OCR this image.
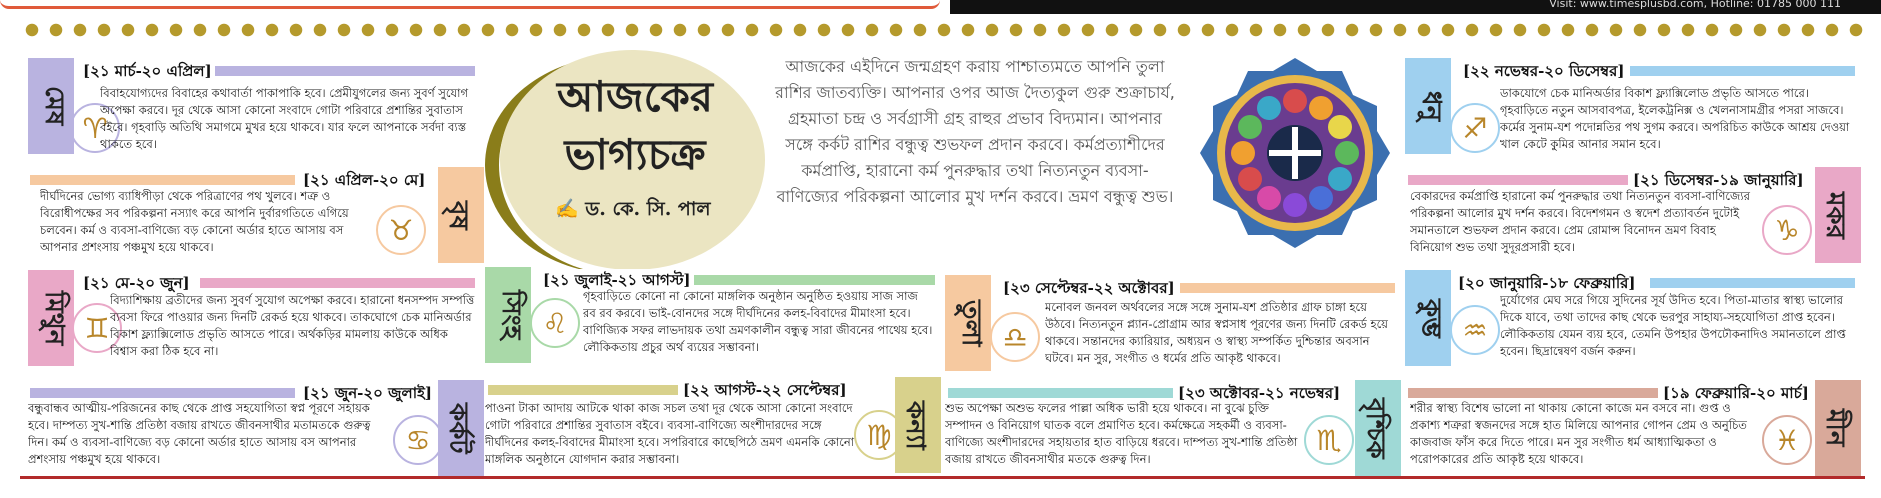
Visit: www.timesplusbd.com, Hotline: 01785 000 111
আজকের
ভাগ্যচক্র
✍ ড. কে. সি. পাল
আজকের এইদিনে জন্মগ্রহণ করায় পাশ্চাত্যমতে আপনি তুলা রাশির জাতব্যক্তি। আপনার ওপর আজ দৈত্যকুল গুরু শুক্রাচার্য, গ্রহমাতা চন্দ্র ও সর্বগ্রাসী গ্রহ রাহুর প্রভাব বিদ্যমান। আপনার সঙ্গে কর্কট রাশির বন্ধুত্ব শুভফল প্রদান করবে। কর্মপ্রত্যাশীদের কর্মপ্রাপ্তি, হারানো কর্ম পুনরুদ্ধার তথা নিত্যনতুন ব্যবসা-বাণিজ্যের পরিকল্পনা আলোর মুখ দর্শন করবে। ভ্রমণ বন্ধুত্ব শুভ।
মেষ
[২১ মার্চ-২০ এপ্রিল]
♈
বিবাহযোগ্যদের বিবাহের কথাবার্তা পাকাপাকি হবে। প্রেমীযুগলের জন্য সুবর্ণ সুযোগ অপেক্ষা করবে। দূর থেকে আসা কোনো সংবাদে গোটা পরিবারে প্রশান্তির সুবাতাস বইবে। গৃহবাড়ি অতিথি সমাগমে মুখর হয়ে থাকবে। যার ফলে আপনাকে সর্বদা ব্যস্ত থাকতে হবে।
বৃষ
[২১ এপ্রিল-২০ মে]
♉
দীর্ঘদিনের ভোগ্য ব্যাধিপীড়া থেকে পরিত্রাণের পথ খুলবে। শত্রু ও বিরোধীপক্ষের সব পরিকল্পনা নস্যাৎ করে আপনি দুর্বারগতিতে এগিয়ে চলবেন। কর্ম ও ব্যবসা-বাণিজ্যে বড় কোনো অর্ডার হাতে আসায় বস আপনার প্রশংসায় পঞ্চমুখ হয়ে থাকবে।
মিথুন
[২১ মে-২০ জুন]
♊
বিদ্যাশিক্ষায় ব্রতীদের জন্য সুবর্ণ সুযোগ অপেক্ষা করবে। হারানো ধনসম্পদ সম্পত্তি ব্যবসা ফিরে পাওয়ার জন্য দিনটি রেকর্ড হয়ে থাকবে। তাকঘোগে চেক মানিঅর্ডার বিকাশ ফ্ল্যাক্সিলোড প্রভৃতি আসতে পারে। অর্থকড়ির মামলায় কাউকে অধিক বিশ্বাস করা ঠিক হবে না।
কর্কট
[২১ জুন-২০ জুলাই]
♋
বন্ধুবান্ধব আত্মীয়-পরিজনের কাছ থেকে প্রাপ্ত সহযোগিতা স্বপ্ন পূরণে সহায়ক হবে। দাম্পত্য সুখ-শান্তি প্রতিষ্ঠা বজায় রাখতে জীবনসাথীর মতামতকে গুরুত্ব দিন। কর্ম ও ব্যবসা-বাণিজ্যে বড় কোনো অর্ডার হাতে আসায় বস আপনার প্রশংসায় পঞ্চমুখ হয়ে থাকবে।
সিংহ
[২১ জুলাই-২১ আগস্ট]
♌
গৃহবাড়িতে কোনো না কোনো মাঙ্গলিক অনুষ্ঠান অনুষ্ঠিত হওয়ায় সাজ সাজ রব রব করবে। ভাই-বোনদের সঙ্গে দীর্ঘদিনের কলহ-বিবাদের মীমাংসা হবে। বাণিজ্যিক সফর লাভদায়ক তথা ভ্রমণকালীন বন্ধুত্ব সারা জীবনের পাথেয় হবে। লৌকিকতায় প্রচুর অর্থ ব্যয়ের সম্ভাবনা।
কন্যা
[২২ আগস্ট-২২ সেপ্টেম্বর]
♍
পাওনা টাকা আদায় আটকে থাকা কাজ সচল তথা দূর থেকে আসা কোনো সংবাদে গোটা পরিবারে প্রশান্তির সুবাতাস বইবে। ব্যবসা-বাণিজ্যে অংশীদারদের সঙ্গে দীর্ঘদিনের কলহ-বিবাদের মীমাংসা হবে। সপরিবারে কাছেপিঠে ভ্রমণ এমনকি কোনো মাঙ্গলিক অনুষ্ঠানে যোগদান করার সম্ভাবনা।
তুলা
[২৩ সেপ্টেম্বর-২২ অক্টোবর]
♎
মনোবল জনবল অর্থবলের সঙ্গে সঙ্গে সুনাম-যশ প্রতিষ্ঠার গ্রাফ চাঙ্গা হয়ে উঠবে। নিত্যনতুন প্ল্যান-প্রোগ্রাম আর স্বপ্নসাধ পূরণের জন্য দিনটি রেকর্ড হয়ে থাকবে। সন্তানদের ক্যারিয়ার, অধ্যয়ন ও স্বাস্থ্য সম্পর্কিত দুশ্চিন্তার অবসান ঘটবে। মন সুর, সংগীত ও ধর্মের প্রতি আকৃষ্ট থাকবে।
বৃশ্চিক
[২৩ অক্টোবর-২১ নভেম্বর]
♏
শুভ অপেক্ষা অশুভ ফলের পাল্লা অধিক ভারী হয়ে থাকবে। না বুঝে চুক্তি সম্পাদন ও বিনিয়োগ ঘাতক বলে প্রমাণিত হবে। কর্মক্ষেত্রে সহকর্মী ও ব্যবসা-বাণিজ্যে অংশীদারদের সহায়তার হাত বাড়িয়ে ধরবে। দাম্পত্য সুখ-শান্তি প্রতিষ্ঠা বজায় রাখতে জীবনসাথীর মতকে গুরুত্ব দিন।
ধনু
[২২ নভেম্বর-২০ ডিসেম্বর]
♐
ডাকযোগে চেক মানিঅর্ডার বিকাশ ফ্ল্যাক্সিলোড প্রভৃতি আসতে পারে। গৃহবাড়িতে নতুন আসবাবপত্র, ইলেকট্রনিক্স ও খেলনাসামগ্রীর পসরা সাজবে। কর্মের সুনাম-যশ পদোন্নতির পথ সুগম করবে। অপরিচিত কাউকে আশ্রয় দেওয়া খাল কেটে কুমির আনার সমান হবে।
মকর
[২১ ডিসেম্বর-১৯ জানুয়ারি]
♑
বেকারদের কর্মপ্রাপ্তি হারানো কর্ম পুনরুদ্ধার তথা নিত্যনতুন ব্যবসা-বাণিজ্যের পরিকল্পনা আলোর মুখ দর্শন করবে। বিদেশগমন ও স্বদেশ প্রত্যাবর্তন দুটোই সমানতালে শুভফল প্রদান করবে। প্রেম রোমান্স বিনোদন ভ্রমণ বিবাহ বিনিয়োগ শুভ তথা সুদূরপ্রসারী হবে।
কুম্ভ
[২০ জানুয়ারি-১৮ ফেব্রুয়ারি]
♒
দুর্যোগের মেঘ সরে গিয়ে সুদিনের সূর্য উদিত হবে। পিতা-মাতার স্বাস্থ্য ভালোর দিকে যাবে, তথা তাদের কাছ থেকে ভরপুর সাহায্য-সহযোগিতা প্রাপ্ত হবেন। লৌকিকতায় যেমন ব্যয় হবে, তেমনি উপহার উপঢৌকনাদিও সমানতালে প্রাপ্ত হবেন। ছিদ্রান্বেষণ বর্জন করুন।
মীন
[১৯ ফেব্রুয়ারি-২০ মার্চ]
♓
শরীর স্বাস্থ্য বিশেষ ভালো না থাকায় কোনো কাজে মন বসবে না। গুপ্ত ও প্রকাশ্য শত্রুরা স্বজনদের সঙ্গে হাত মিলিয়ে আপনার গোপন প্রেম ও অনুচিত কাজবাজ ফাঁস করে দিতে পারে। মন সুর সংগীত ধর্ম আধ্যাত্মিকতা ও পরোপকারের প্রতি আকৃষ্ট হয়ে থাকবে।
